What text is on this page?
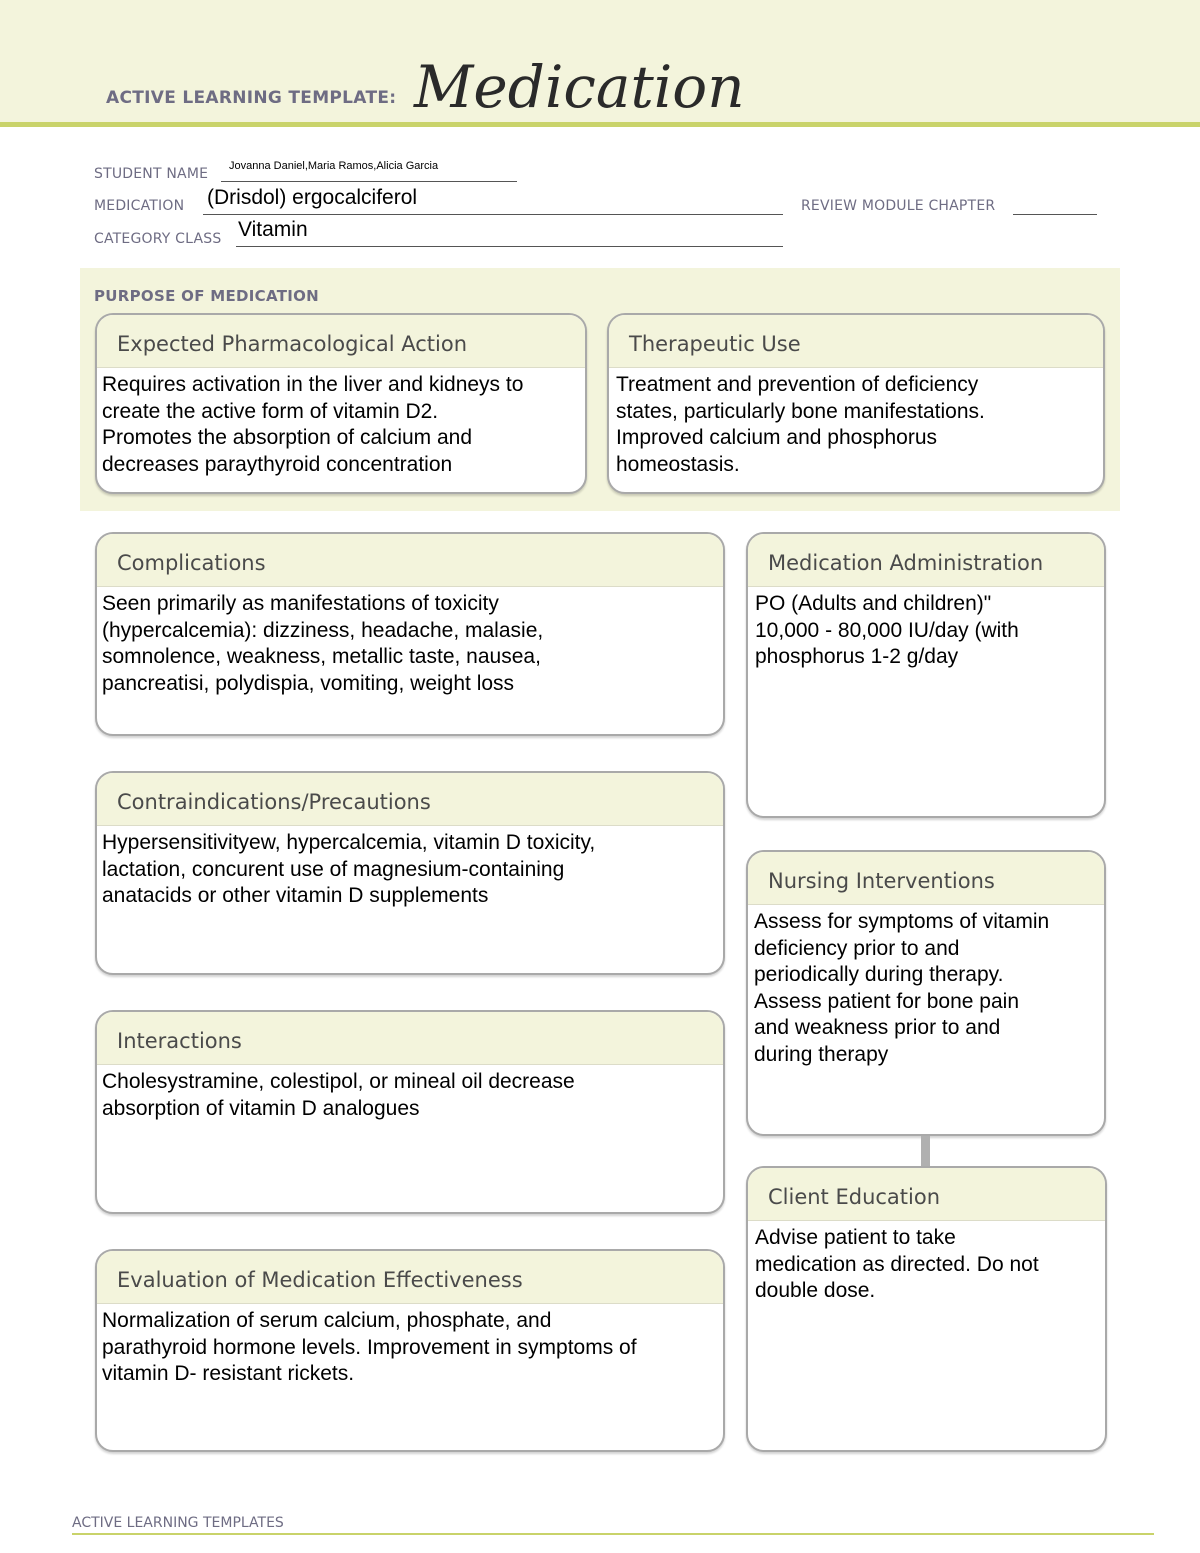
ACTIVE LEARNING TEMPLATE: Medication
STUDENT NAME Jovanna Daniel,Maria Ramos,Alicia Garcia
MEDICATION (Drisdol) ergocalciferol	REVIEW MODULE CHAPTER
CATEGORY CLASS Vitamin
PURPOSE OF MEDICATION
Expected Pharmacological Action
Requires activation in the liver and kidneys to
create the active form of vitamin D2.
Promotes the absorption of calcium and
decreases paraythyroid concentration
Therapeutic Use
Treatment and prevention of deficiency
states, particularly bone manifestations.
Improved calcium and phosphorus
homeostasis.
Complications
Seen primarily as manifestations of toxicity
(hypercalcemia): dizziness, headache, malasie,
somnolence, weakness, metallic taste, nausea,
pancreatisi, polydispia, vomiting, weight loss
Contraindications/Precautions
Hypersensitivityew, hypercalcemia, vitamin D toxicity,
lactation, concurent use of magnesium-containing
anatacids or other vitamin D supplements
Interactions
Cholesystramine, colestipol, or mineal oil decrease
absorption of vitamin D analogues
Evaluation of Medication Effectiveness
Normalization of serum calcium, phosphate, and
parathyroid hormone levels. Improvement in symptoms of
vitamin D- resistant rickets.
Medication Administration
PO (Adults and children)"
10,000 - 80,000 IU/day (with
phosphorus 1-2 g/day
Nursing Interventions
Assess for symptoms of vitamin
deficiency prior to and
periodically during therapy.
Assess patient for bone pain
and weakness prior to and
during therapy
Client Education
Advise patient to take
medication as directed. Do not
double dose.
ACTIVE LEARNING TEMPLATES
